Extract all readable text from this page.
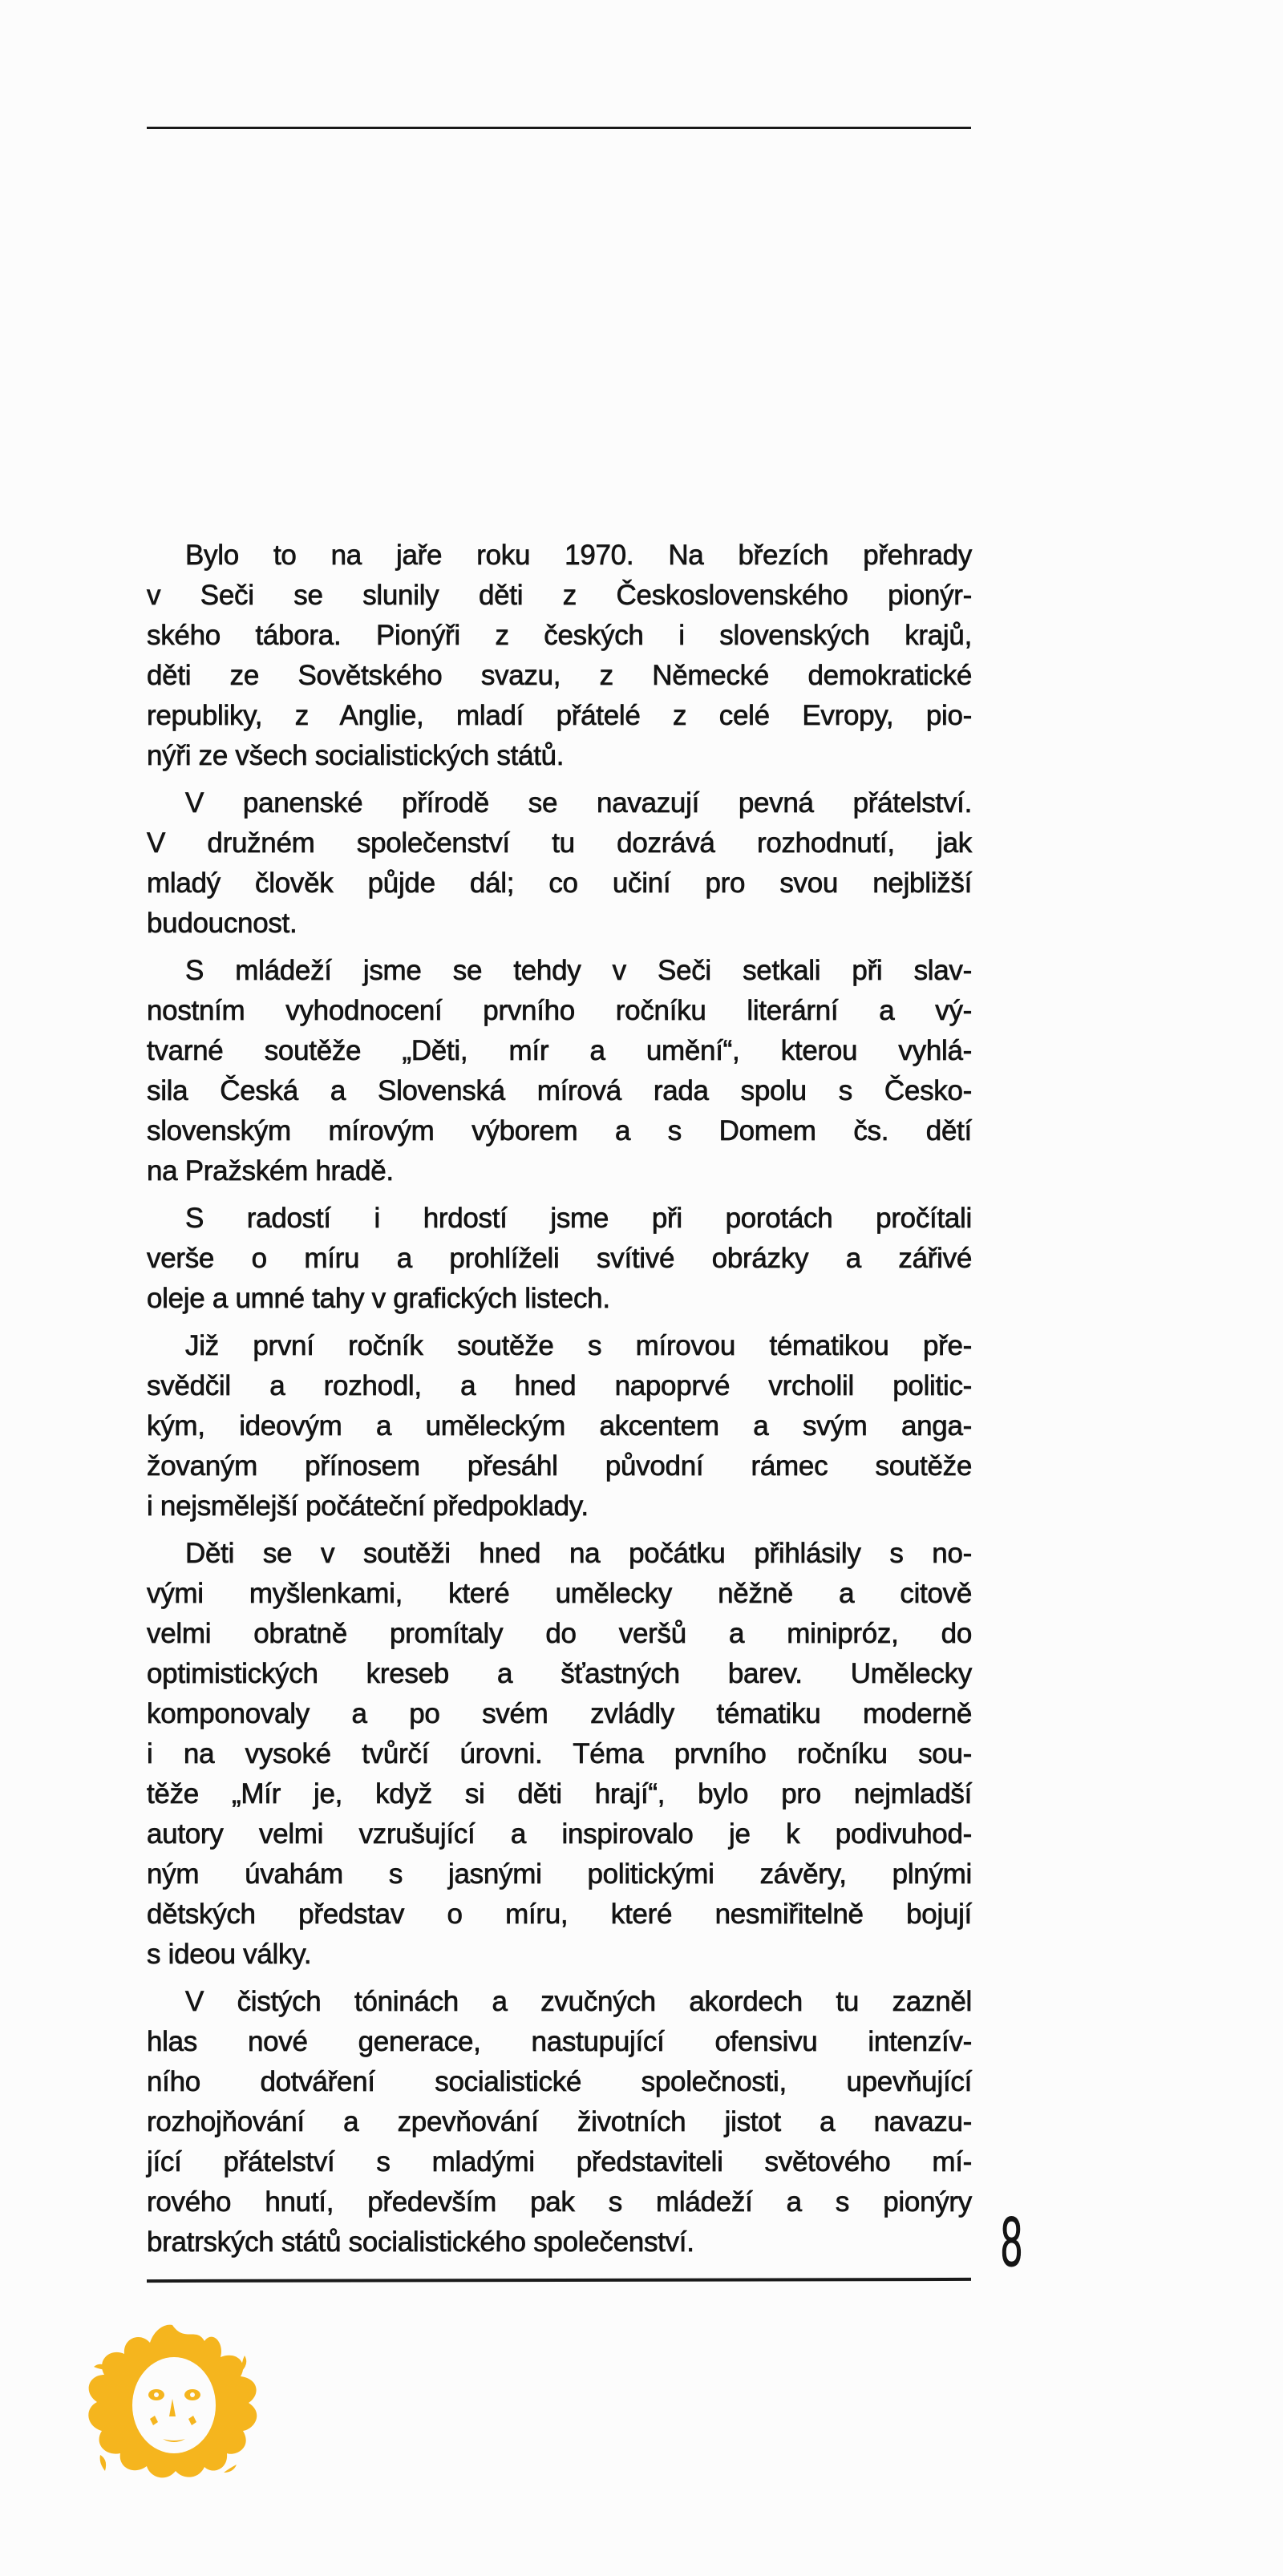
Bylo to na jaře roku 1970. Na březích přehrady
v Seči se slunily děti z Československého pionýr-
ského tábora. Pionýři z českých i slovenských krajů,
děti ze Sovětského svazu, z Německé demokratické
republiky, z Anglie, mladí přátelé z celé Evropy, pio-
nýři ze všech socialistických států.
V panenské přírodě se navazují pevná přátelství.
V družném společenství tu dozrává rozhodnutí, jak
mladý člověk půjde dál; co učiní pro svou nejbližší
budoucnost.
S mládeží jsme se tehdy v Seči setkali při slav-
nostním vyhodnocení prvního ročníku literární a vý-
tvarné soutěže „Děti, mír a umění“, kterou vyhlá-
sila Česká a Slovenská mírová rada spolu s Česko-
slovenským mírovým výborem a s Domem čs. dětí
na Pražském hradě.
S radostí i hrdostí jsme při porotách pročítali
verše o míru a prohlíželi svítivé obrázky a zářivé
oleje a umné tahy v grafických listech.
Již první ročník soutěže s mírovou tématikou pře-
svědčil a rozhodl, a hned napoprvé vrcholil politic-
kým, ideovým a uměleckým akcentem a svým anga-
žovaným přínosem přesáhl původní rámec soutěže
i nejsmělejší počáteční předpoklady.
Děti se v soutěži hned na počátku přihlásily s no-
vými myšlenkami, které umělecky něžně a citově
velmi obratně promítaly do veršů a minipróz, do
optimistických kreseb a šťastných barev. Umělecky
komponovaly a po svém zvládly tématiku moderně
i na vysoké tvůrčí úrovni. Téma prvního ročníku sou-
těže „Mír je, když si děti hrají“, bylo pro nejmladší
autory velmi vzrušující a inspirovalo je k podivuhod-
ným úvahám s jasnými politickými závěry, plnými
dětských představ o míru, které nesmiřitelně bojují
s ideou války.
V čistých tóninách a zvučných akordech tu zazněl
hlas nové generace, nastupující ofensivu intenzív-
ního dotváření socialistické společnosti, upevňující
rozhojňování a zpevňování životních jistot a navazu-
jící přátelství s mladými představiteli světového mí-
rového hnutí, především pak s mládeží a s pionýry
bratrských států socialistického společenství.	8
